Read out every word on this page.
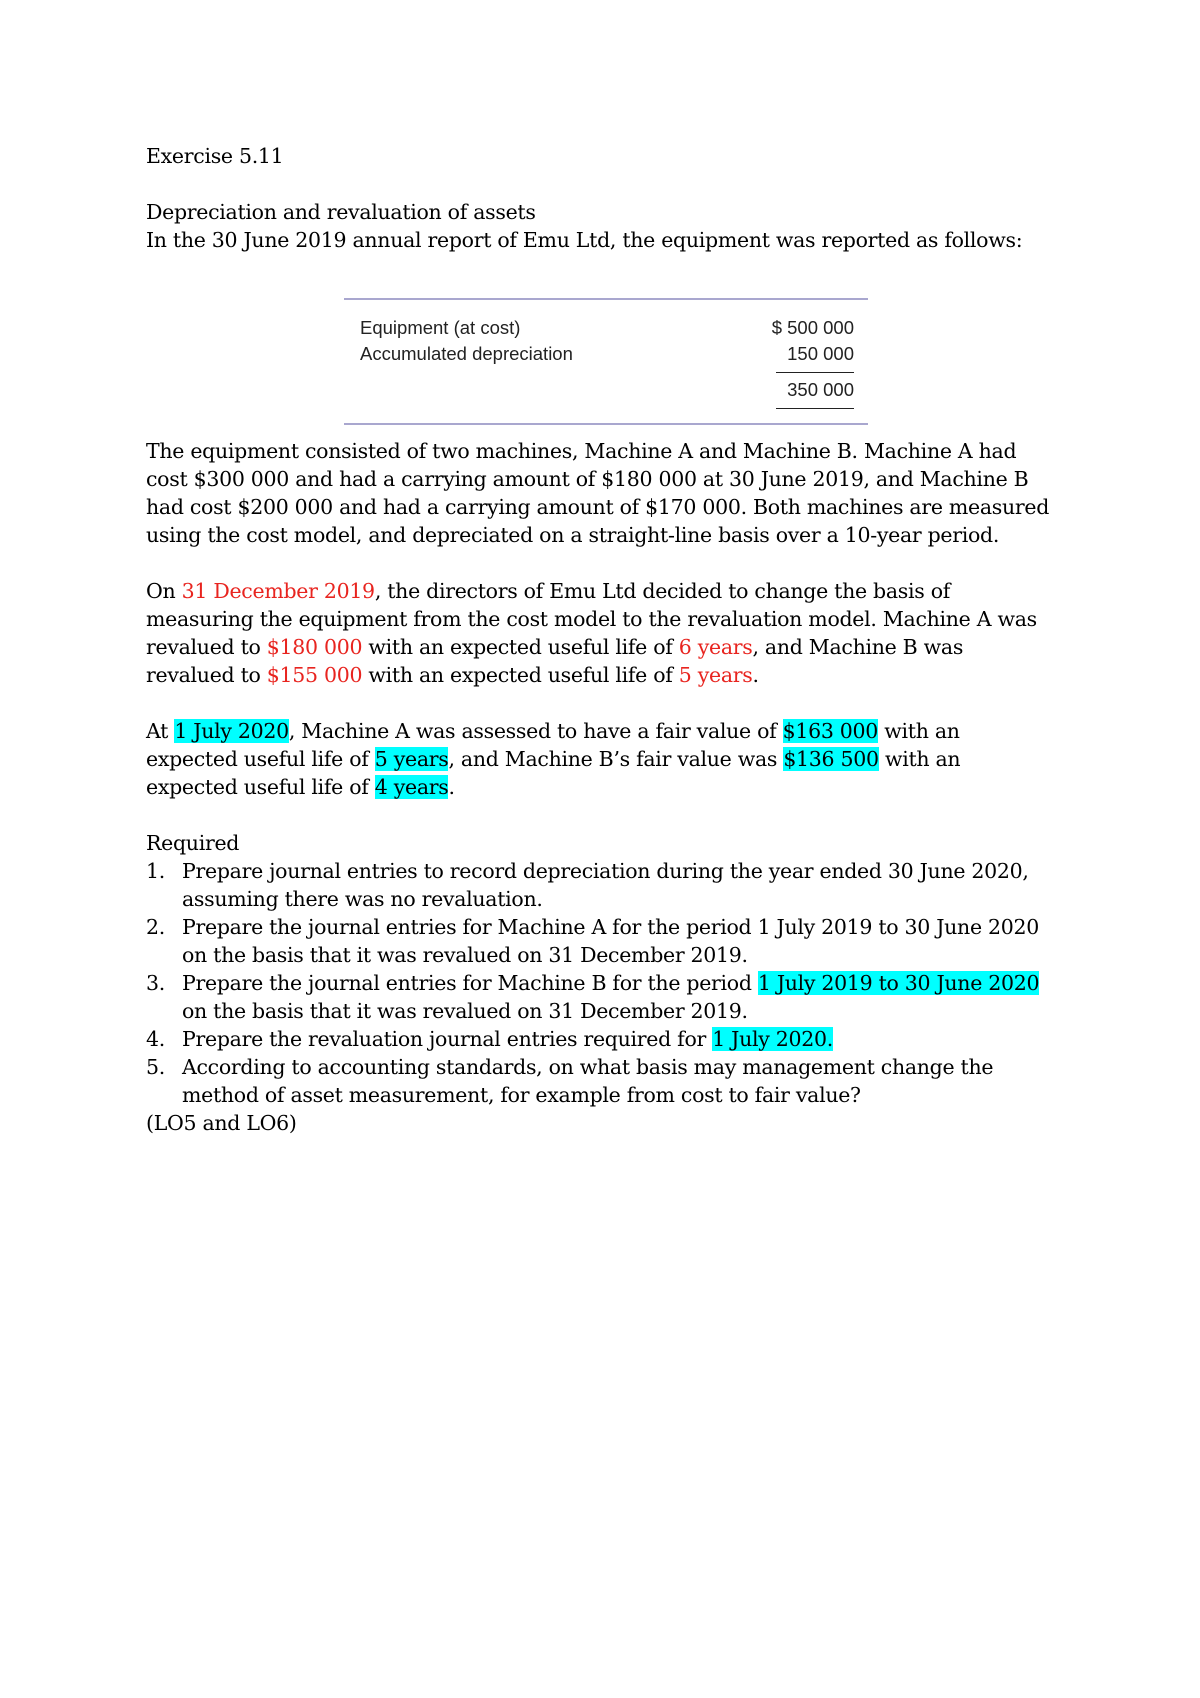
Equipment (at cost)	$ 500 000
Accumulated depreciation	150 000
350 000

Exercise 5.11

Depreciation and revaluation of assets

In the 30 June 2019 annual report of Emu Ltd, the equipment was reported as follows:

The equipment consisted of two machines, Machine A and Machine B. Machine A had

cost $300 000 and had a carrying amount of $180 000 at 30 June 2019, and Machine B

had cost $200 000 and had a carrying amount of $170 000. Both machines are measured

using the cost model, and depreciated on a straight-line basis over a 10-year period.

On 31 December 2019, the directors of Emu Ltd decided to change the basis of

measuring the equipment from the cost model to the revaluation model. Machine A was

revalued to $180 000 with an expected useful life of 6 years, and Machine B was

revalued to $155 000 with an expected useful life of 5 years.

At 1 July 2020, Machine A was assessed to have a fair value of $163 000 with an

expected useful life of 5 years, and Machine B’s fair value was $136 500 with an

expected useful life of 4 years.

Required

1. Prepare journal entries to record depreciation during the year ended 30 June 2020,
assuming there was no revaluation.
2. Prepare the journal entries for Machine A for the period 1 July 2019 to 30 June 2020
on the basis that it was revalued on 31 December 2019.
3. Prepare the journal entries for Machine B for the period 1 July 2019 to 30 June 2020
on the basis that it was revalued on 31 December 2019.
4. Prepare the revaluation journal entries required for 1 July 2020.
5. According to accounting standards, on what basis may management change the
method of asset measurement, for example from cost to fair value?

(LO5 and LO6)
